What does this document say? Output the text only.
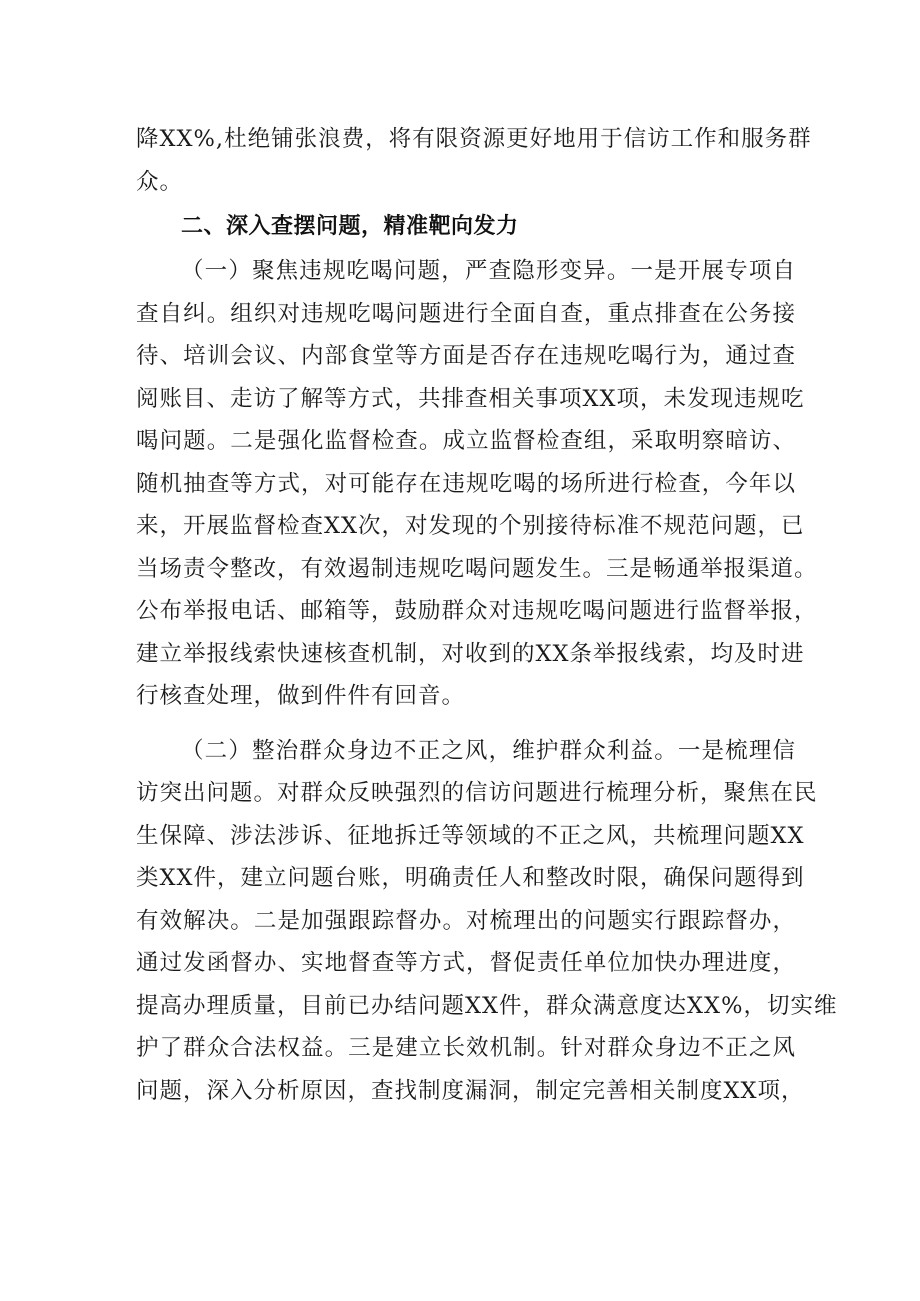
降XX%,杜绝铺张浪费，将有限资源更好地用于信访工作和服务群
众。
二、深入查摆问题，精准靶向发力
（一）聚焦违规吃喝问题，严查隐形变异。一是开展专项自
查自纠。组织对违规吃喝问题进行全面自查，重点排查在公务接
待、培训会议、内部食堂等方面是否存在违规吃喝行为，通过查
阅账目、走访了解等方式，共排查相关事项XX项，未发现违规吃
喝问题。二是强化监督检查。成立监督检查组，采取明察暗访、
随机抽查等方式，对可能存在违规吃喝的场所进行检查，今年以
来，开展监督检查XX次，对发现的个别接待标准不规范问题，已
当场责令整改，有效遏制违规吃喝问题发生。三是畅通举报渠道。
公布举报电话、邮箱等，鼓励群众对违规吃喝问题进行监督举报，
建立举报线索快速核查机制，对收到的XX条举报线索，均及时进
行核查处理，做到件件有回音。
（二）整治群众身边不正之风，维护群众利益。一是梳理信
访突出问题。对群众反映强烈的信访问题进行梳理分析，聚焦在民
生保障、涉法涉诉、征地拆迁等领域的不正之风，共梳理问题XX
类XX件，建立问题台账，明确责任人和整改时限，确保问题得到
有效解决。二是加强跟踪督办。对梳理出的问题实行跟踪督办，
通过发函督办、实地督查等方式，督促责任单位加快办理进度，
提高办理质量，目前已办结问题XX件，群众满意度达XX%，切实维
护了群众合法权益。三是建立长效机制。针对群众身边不正之风
问题，深入分析原因，查找制度漏洞，制定完善相关制度XX项，
